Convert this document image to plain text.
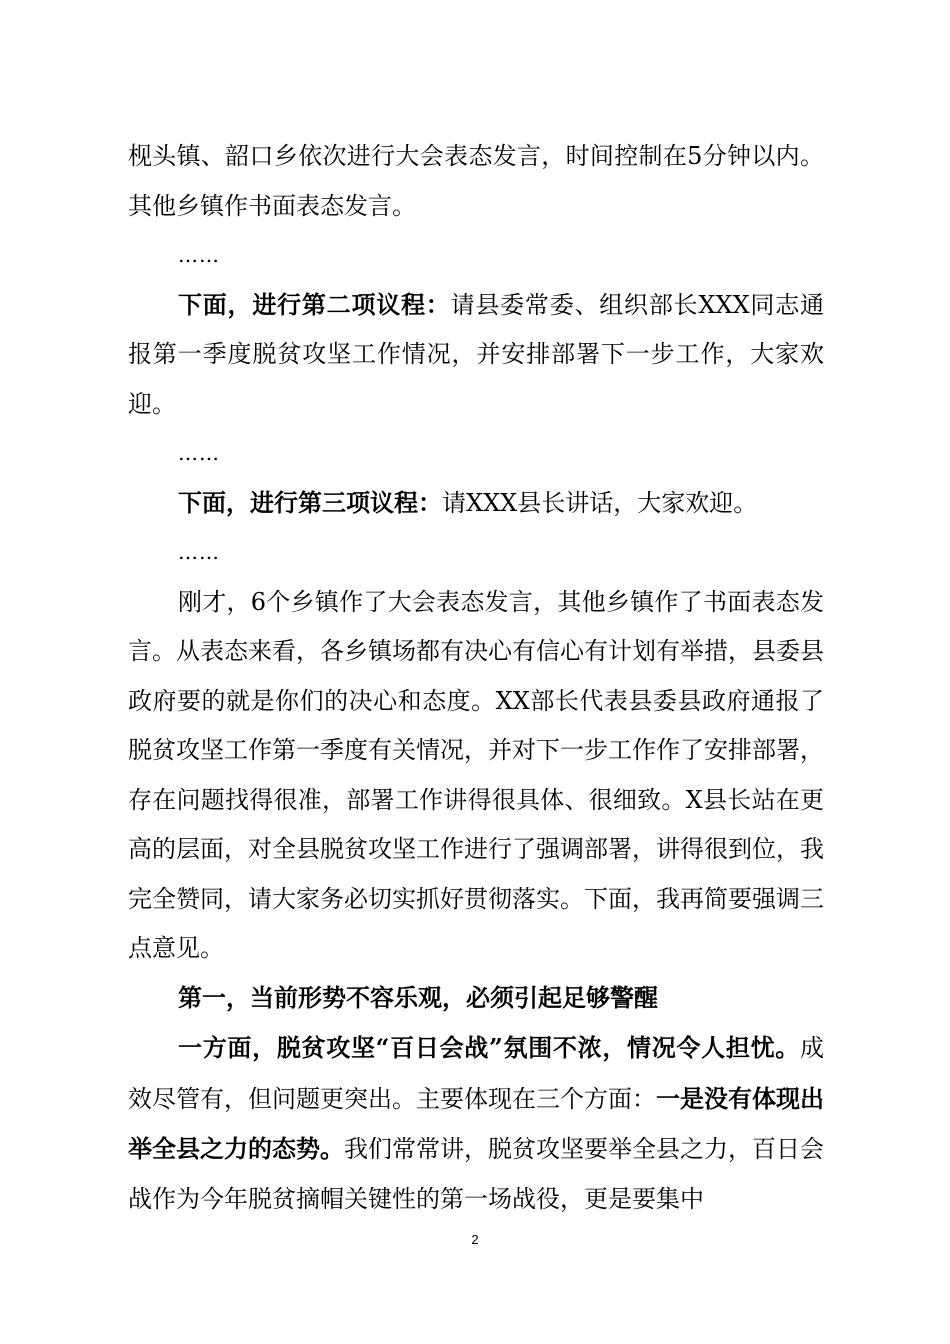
枧头镇、韶口乡依次进行大会表态发言，时间控制在5分钟以内。其他乡镇作书面表态发言。

……

下面，进行第二项议程：请县委常委、组织部长XXX同志通报第一季度脱贫攻坚工作情况，并安排部署下一步工作，大家欢迎。

……

下面，进行第三项议程：请XXX县长讲话，大家欢迎。

……

刚才，6个乡镇作了大会表态发言，其他乡镇作了书面表态发言。从表态来看，各乡镇场都有决心有信心有计划有举措，县委县政府要的就是你们的决心和态度。XX部长代表县委县政府通报了脱贫攻坚工作第一季度有关情况，并对下一步工作作了安排部署，存在问题找得很准，部署工作讲得很具体、很细致。X县长站在更高的层面，对全县脱贫攻坚工作进行了强调部署，讲得很到位，我完全赞同，请大家务必切实抓好贯彻落实。下面，我再简要强调三点意见。

第一，当前形势不容乐观，必须引起足够警醒

一方面，脱贫攻坚“百日会战”氛围不浓，情况令人担忧。成效尽管有，但问题更突出。主要体现在三个方面：一是没有体现出举全县之力的态势。我们常常讲，脱贫攻坚要举全县之力，百日会战作为今年脱贫摘帽关键性的第一场战役，更是要集中

2
